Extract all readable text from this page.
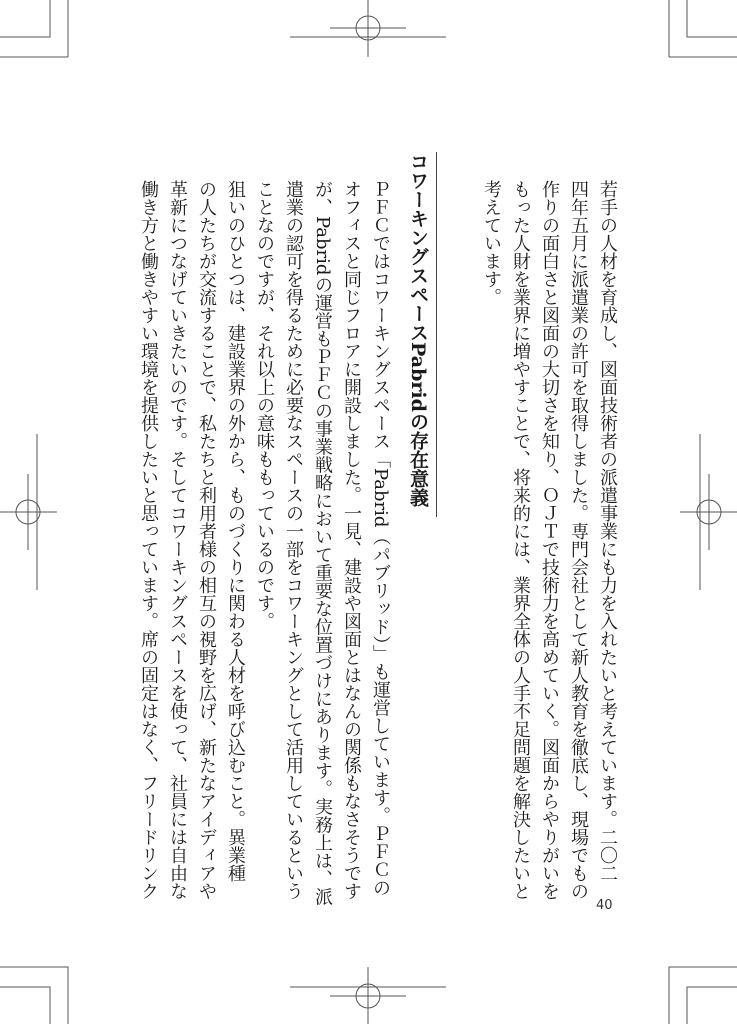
若手の人材を育成し、図面技術者の派遣事業にも力を入れたいと考えています。二〇二
四年五月に派遣業の許可を取得しました。専門会社として新人教育を徹底し、現場でもの
作りの面白さと図面の大切さを知り、ＯＪＴで技術力を高めていく。図面からやりがいを
もった人財を業界に増やすことで、将来的には、業界全体の人手不足問題を解決したいと
考えています。
コワーキングスペースPabridの存在意義
ＰＦＣではコワーキングスペース「Pabrid（パブリッド）」も運営しています。ＰＦＣの
オフィスと同じフロアに開設しました。一見、建設や図面とはなんの関係もなさそうです
が、Pabridの運営もＰＦＣの事業戦略において重要な位置づけにあります。実務上は、派
遣業の認可を得るために必要なスペースの一部をコワーキングとして活用しているという
ことなのですが、それ以上の意味ももっているのです。
狙いのひとつは、建設業界の外から、ものづくりに関わる人材を呼び込むこと。異業種
の人たちが交流することで、私たちと利用者様の相互の視野を広げ、新たなアイディアや
革新につなげていきたいのです。そしてコワーキングスペースを使って、社員には自由な
働き方と働きやすい環境を提供したいと思っています。席の固定はなく、フリードリンク
40
